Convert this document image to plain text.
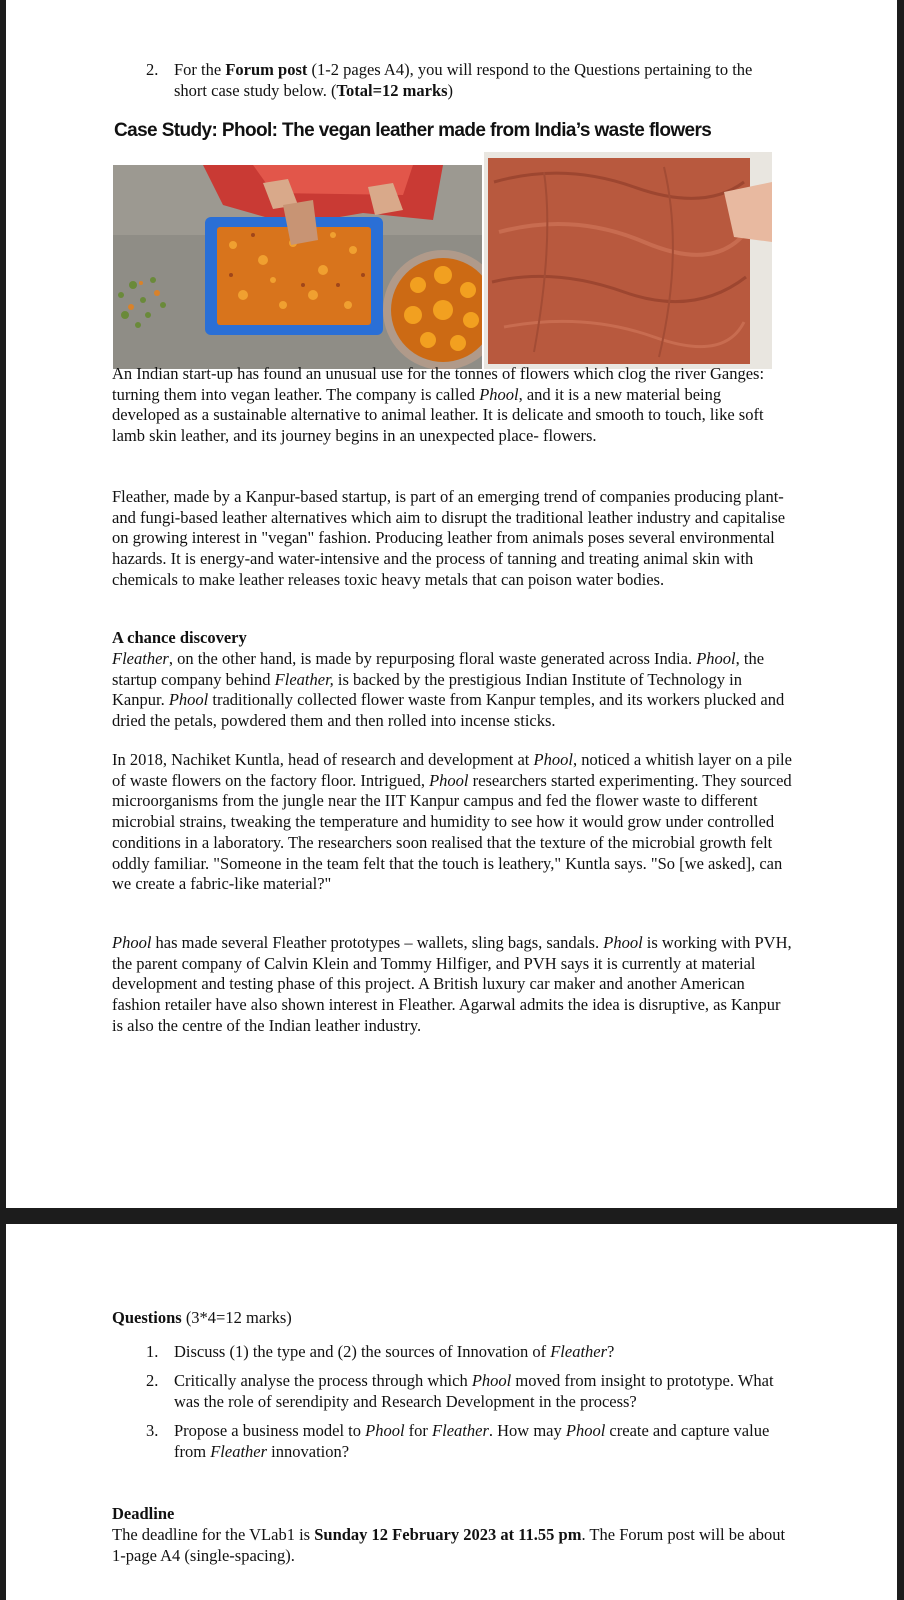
2. For the Forum post (1-2 pages A4), you will respond to the Questions pertaining to the short case study below. (Total=12 marks)
Case Study: Phool: The vegan leather made from India’s waste flowers
An Indian start-up has found an unusual use for the tonnes of flowers which clog the river Ganges: turning them into vegan leather. The company is called Phool, and it is a new material being developed as a sustainable alternative to animal leather. It is delicate and smooth to touch, like soft lamb skin leather, and its journey begins in an unexpected place- flowers.
Fleather, made by a Kanpur-based startup, is part of an emerging trend of companies producing plant- and fungi-based leather alternatives which aim to disrupt the traditional leather industry and capitalise on growing interest in "vegan" fashion. Producing leather from animals poses several environmental hazards. It is energy-and water-intensive and the process of tanning and treating animal skin with chemicals to make leather releases toxic heavy metals that can poison water bodies.
A chance discovery
Fleather, on the other hand, is made by repurposing floral waste generated across India. Phool, the startup company behind Fleather, is backed by the prestigious Indian Institute of Technology in Kanpur. Phool traditionally collected flower waste from Kanpur temples, and its workers plucked and dried the petals, powdered them and then rolled into incense sticks.
In 2018, Nachiket Kuntla, head of research and development at Phool, noticed a whitish layer on a pile of waste flowers on the factory floor. Intrigued, Phool researchers started experimenting. They sourced microorganisms from the jungle near the IIT Kanpur campus and fed the flower waste to different microbial strains, tweaking the temperature and humidity to see how it would grow under controlled conditions in a laboratory. The researchers soon realised that the texture of the microbial growth felt oddly familiar. "Someone in the team felt that the touch is leathery," Kuntla says. "So [we asked], can we create a fabric-like material?"
Phool has made several Fleather prototypes – wallets, sling bags, sandals. Phool is working with PVH, the parent company of Calvin Klein and Tommy Hilfiger, and PVH says it is currently at material development and testing phase of this project. A British luxury car maker and another American fashion retailer have also shown interest in Fleather. Agarwal admits the idea is disruptive, as Kanpur is also the centre of the Indian leather industry.
Questions (3*4=12 marks)
1. Discuss (1) the type and (2) the sources of Innovation of Fleather?
2. Critically analyse the process through which Phool moved from insight to prototype. What was the role of serendipity and Research Development in the process?
3. Propose a business model to Phool for Fleather. How may Phool create and capture value from Fleather innovation?
Deadline
The deadline for the VLab1 is Sunday 12 February 2023 at 11.55 pm. The Forum post will be about 1-page A4 (single-spacing).
